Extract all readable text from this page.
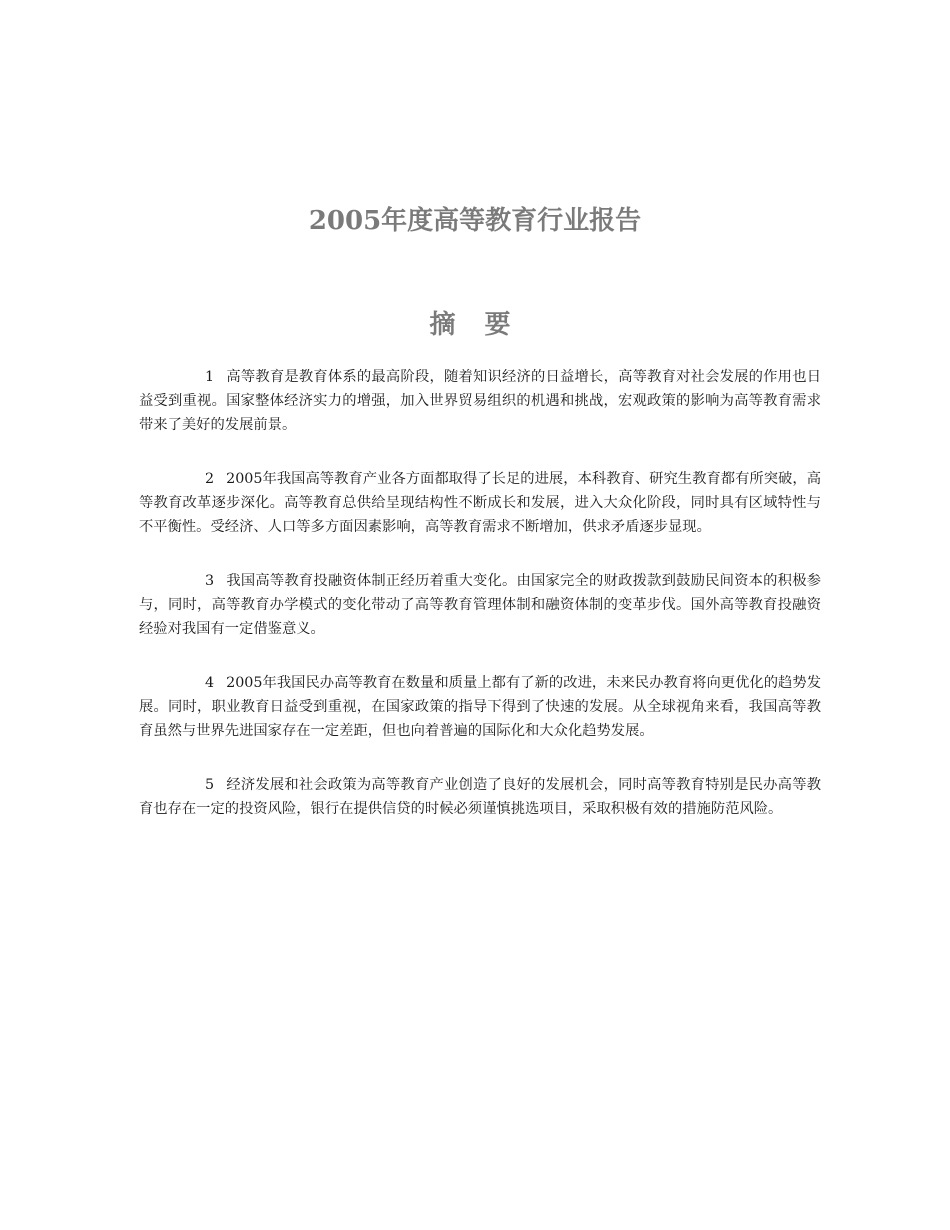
2005年度高等教育行业报告
摘 要

1 高等教育是教育体系的最高阶段，随着知识经济的日益增长，高等教育对社会发展的作用也日益受到重视。国家整体经济实力的增强，加入世界贸易组织的机遇和挑战，宏观政策的影响为高等教育需求带来了美好的发展前景。

2 2005年我国高等教育产业各方面都取得了长足的进展，本科教育、研究生教育都有所突破，高等教育改革逐步深化。高等教育总供给呈现结构性不断成长和发展，进入大众化阶段，同时具有区域特性与不平衡性。受经济、人口等多方面因素影响，高等教育需求不断增加，供求矛盾逐步显现。

3 我国高等教育投融资体制正经历着重大变化。由国家完全的财政拨款到鼓励民间资本的积极参与，同时，高等教育办学模式的变化带动了高等教育管理体制和融资体制的变革步伐。国外高等教育投融资经验对我国有一定借鉴意义。

4 2005年我国民办高等教育在数量和质量上都有了新的改进，未来民办教育将向更优化的趋势发展。同时，职业教育日益受到重视，在国家政策的指导下得到了快速的发展。从全球视角来看，我国高等教育虽然与世界先进国家存在一定差距，但也向着普遍的国际化和大众化趋势发展。

5 经济发展和社会政策为高等教育产业创造了良好的发展机会，同时高等教育特别是民办高等教育也存在一定的投资风险，银行在提供信贷的时候必须谨慎挑选项目，采取积极有效的措施防范风险。
